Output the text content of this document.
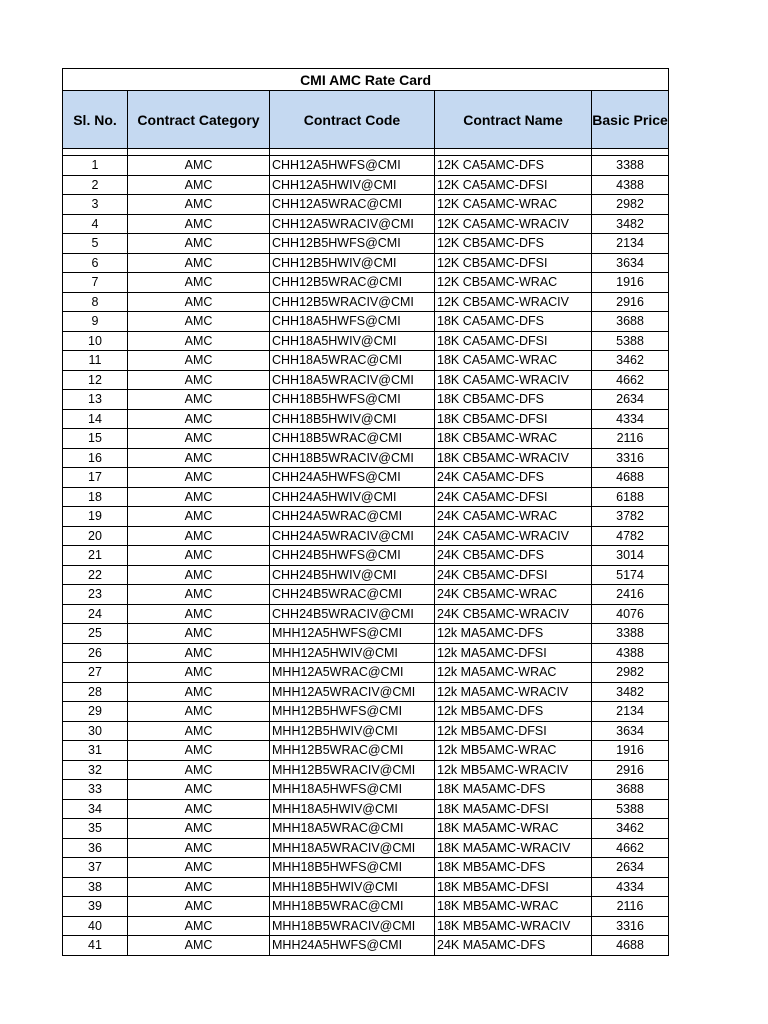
CMI AMC Rate Card				
Sl. No.	Contract Category	Contract Code	Contract Name	Basic Price

1	AMC	CHH12A5HWFS@CMI	12K CA5AMC-DFS	3388
2	AMC	CHH12A5HWIV@CMI	12K CA5AMC-DFSI	4388
3	AMC	CHH12A5WRAC@CMI	12K CA5AMC-WRAC	2982
4	AMC	CHH12A5WRACIV@CMI	12K CA5AMC-WRACIV	3482
5	AMC	CHH12B5HWFS@CMI	12K CB5AMC-DFS	2134
6	AMC	CHH12B5HWIV@CMI	12K CB5AMC-DFSI	3634
7	AMC	CHH12B5WRAC@CMI	12K CB5AMC-WRAC	1916
8	AMC	CHH12B5WRACIV@CMI	12K CB5AMC-WRACIV	2916
9	AMC	CHH18A5HWFS@CMI	18K CA5AMC-DFS	3688
10	AMC	CHH18A5HWIV@CMI	18K CA5AMC-DFSI	5388
11	AMC	CHH18A5WRAC@CMI	18K CA5AMC-WRAC	3462
12	AMC	CHH18A5WRACIV@CMI	18K CA5AMC-WRACIV	4662
13	AMC	CHH18B5HWFS@CMI	18K CB5AMC-DFS	2634
14	AMC	CHH18B5HWIV@CMI	18K CB5AMC-DFSI	4334
15	AMC	CHH18B5WRAC@CMI	18K CB5AMC-WRAC	2116
16	AMC	CHH18B5WRACIV@CMI	18K CB5AMC-WRACIV	3316
17	AMC	CHH24A5HWFS@CMI	24K CA5AMC-DFS	4688
18	AMC	CHH24A5HWIV@CMI	24K CA5AMC-DFSI	6188
19	AMC	CHH24A5WRAC@CMI	24K CA5AMC-WRAC	3782
20	AMC	CHH24A5WRACIV@CMI	24K CA5AMC-WRACIV	4782
21	AMC	CHH24B5HWFS@CMI	24K CB5AMC-DFS	3014
22	AMC	CHH24B5HWIV@CMI	24K CB5AMC-DFSI	5174
23	AMC	CHH24B5WRAC@CMI	24K CB5AMC-WRAC	2416
24	AMC	CHH24B5WRACIV@CMI	24K CB5AMC-WRACIV	4076
25	AMC	MHH12A5HWFS@CMI	12k MA5AMC-DFS	3388
26	AMC	MHH12A5HWIV@CMI	12k MA5AMC-DFSI	4388
27	AMC	MHH12A5WRAC@CMI	12k MA5AMC-WRAC	2982
28	AMC	MHH12A5WRACIV@CMI	12k MA5AMC-WRACIV	3482
29	AMC	MHH12B5HWFS@CMI	12k MB5AMC-DFS	2134
30	AMC	MHH12B5HWIV@CMI	12k MB5AMC-DFSI	3634
31	AMC	MHH12B5WRAC@CMI	12k MB5AMC-WRAC	1916
32	AMC	MHH12B5WRACIV@CMI	12k MB5AMC-WRACIV	2916
33	AMC	MHH18A5HWFS@CMI	18K MA5AMC-DFS	3688
34	AMC	MHH18A5HWIV@CMI	18K MA5AMC-DFSI	5388
35	AMC	MHH18A5WRAC@CMI	18K MA5AMC-WRAC	3462
36	AMC	MHH18A5WRACIV@CMI	18K MA5AMC-WRACIV	4662
37	AMC	MHH18B5HWFS@CMI	18K MB5AMC-DFS	2634
38	AMC	MHH18B5HWIV@CMI	18K MB5AMC-DFSI	4334
39	AMC	MHH18B5WRAC@CMI	18K MB5AMC-WRAC	2116
40	AMC	MHH18B5WRACIV@CMI	18K MB5AMC-WRACIV	3316
41	AMC	MHH24A5HWFS@CMI	24K MA5AMC-DFS	4688
